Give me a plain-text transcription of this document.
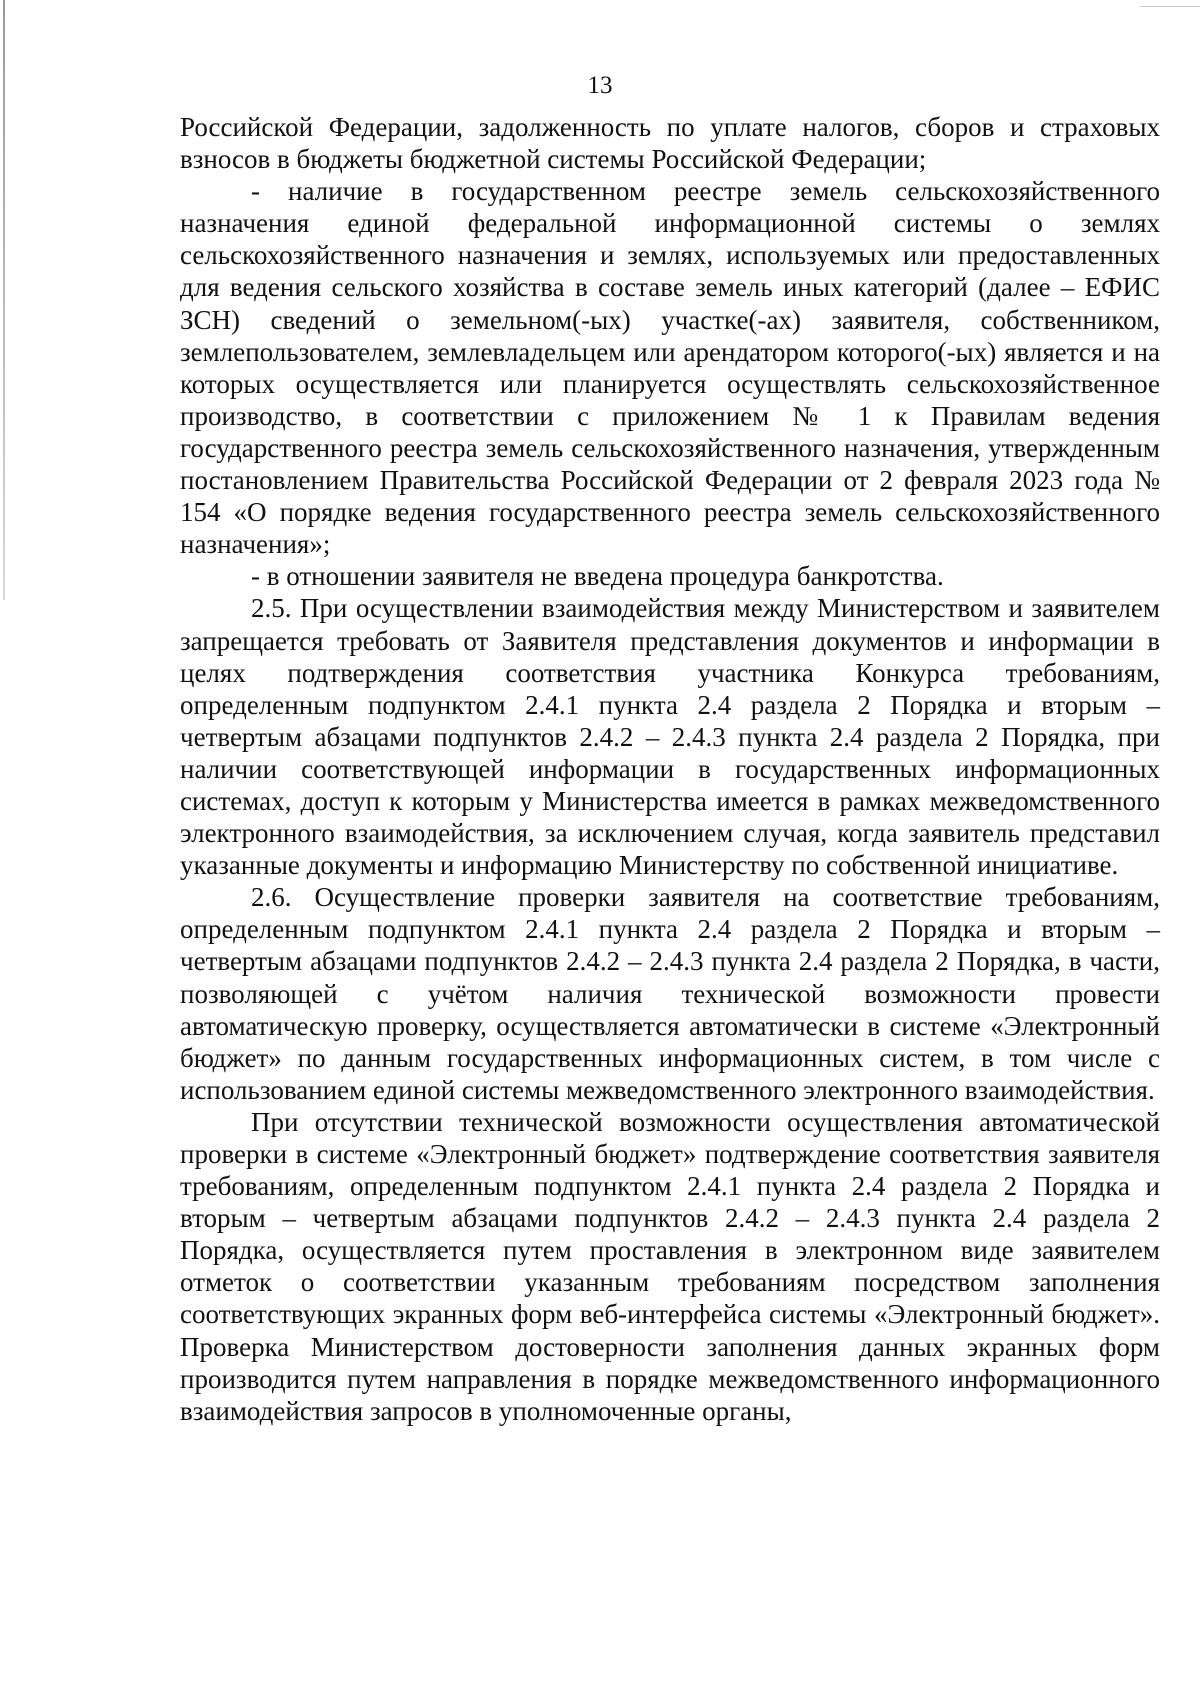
13

Российской Федерации, задолженность по уплате налогов, сборов и страховых взносов в бюджеты бюджетной системы Российской Федерации;

- наличие в государственном реестре земель сельскохозяйственного назначения единой федеральной информационной системы о землях сельскохозяйственного назначения и землях, используемых или предоставленных для ведения сельского хозяйства в составе земель иных категорий (далее – ЕФИС ЗСН) сведений о земельном(-ых) участке(-ах) заявителя, собственником, землепользователем, землевладельцем или арендатором которого(-ых) является и на которых осуществляется или планируется осуществлять сельскохозяйственное производство, в соответствии с приложением № 1 к Правилам ведения государственного реестра земель сельскохозяйственного назначения, утвержденным постановлением Правительства Российской Федерации от 2 февраля 2023 года № 154 «О порядке ведения государственного реестра земель сельскохозяйственного назначения»;

- в отношении заявителя не введена процедура банкротства.

2.5. При осуществлении взаимодействия между Министерством и заявителем запрещается требовать от Заявителя представления документов и информации в целях подтверждения соответствия участника Конкурса требованиям, определенным подпунктом 2.4.1 пункта 2.4 раздела 2 Порядка и вторым – четвертым абзацами подпунктов 2.4.2 – 2.4.3 пункта 2.4 раздела 2 Порядка, при наличии соответствующей информации в государственных информационных системах, доступ к которым у Министерства имеется в рамках межведомственного электронного взаимодействия, за исключением случая, когда заявитель представил указанные документы и информацию Министерству по собственной инициативе.

2.6. Осуществление проверки заявителя на соответствие требованиям, определенным подпунктом 2.4.1 пункта 2.4 раздела 2 Порядка и вторым – четвертым абзацами подпунктов 2.4.2 – 2.4.3 пункта 2.4 раздела 2 Порядка, в части, позволяющей с учётом наличия технической возможности провести автоматическую проверку, осуществляется автоматически в системе «Электронный бюджет» по данным государственных информационных систем, в том числе с использованием единой системы межведомственного электронного взаимодействия.

При отсутствии технической возможности осуществления автоматической проверки в системе «Электронный бюджет» подтверждение соответствия заявителя требованиям, определенным подпунктом 2.4.1 пункта 2.4 раздела 2 Порядка и вторым – четвертым абзацами подпунктов 2.4.2 – 2.4.3 пункта 2.4 раздела 2 Порядка, осуществляется путем проставления в электронном виде заявителем отметок о соответствии указанным требованиям посредством заполнения соответствующих экранных форм веб-интерфейса системы «Электронный бюджет». Проверка Министерством достоверности заполнения данных экранных форм производится путем направления в порядке межведомственного информационного взаимодействия запросов в уполномоченные органы,
